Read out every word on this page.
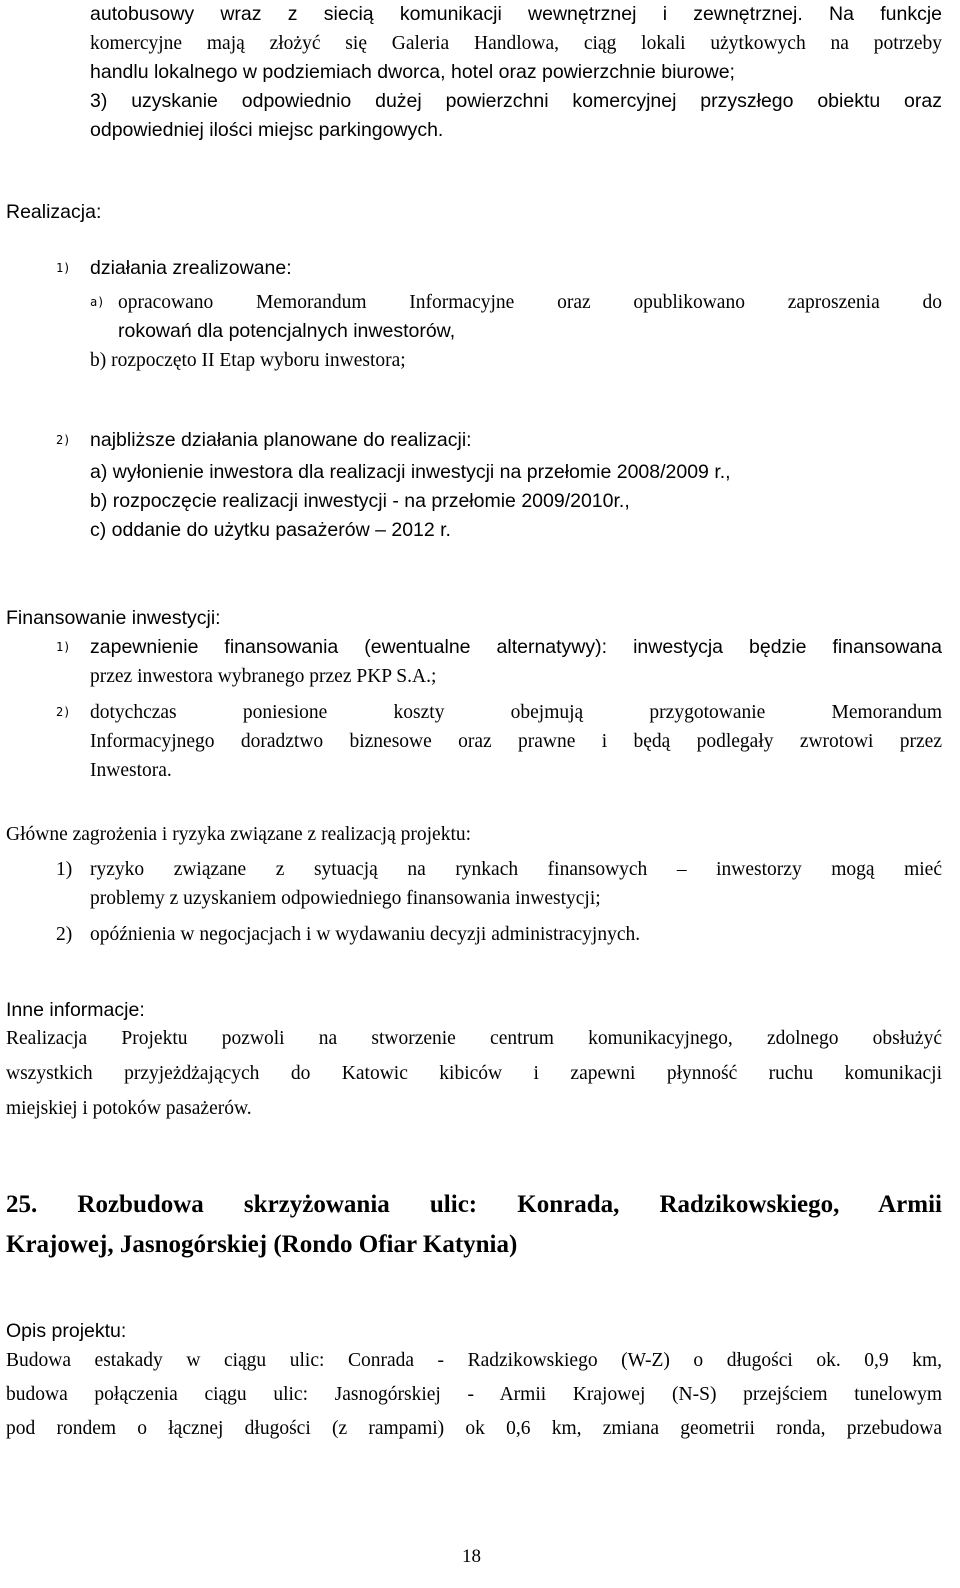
autobusowy wraz z siecią komunikacji wewnętrznej i zewnętrznej. Na funkcje
komercyjne mają złożyć się Galeria Handlowa, ciąg lokali użytkowych na potrzeby
handlu lokalnego w podziemiach dworca, hotel oraz powierzchnie biurowe;
3) uzyskanie odpowiednio dużej powierzchni komercyjnej przyszłego obiektu oraz
odpowiedniej ilości miejsc parkingowych.
Realizacja:
1)	działania zrealizowane:
a) opracowano Memorandum Informacyjne oraz opublikowano zaproszenia do
rokowań dla potencjalnych inwestorów,
b) rozpoczęto II Etap wyboru inwestora;
2)	najbliższe działania planowane do realizacji:
a) wyłonienie inwestora dla realizacji inwestycji na przełomie 2008/2009 r.,
b) rozpoczęcie realizacji inwestycji - na przełomie 2009/2010r.,
c) oddanie do użytku pasażerów – 2012 r.
Finansowanie inwestycji:
1)	zapewnienie finansowania (ewentualne alternatywy): inwestycja będzie finansowana
przez inwestora wybranego przez PKP S.A.;
2)	dotychczas poniesione koszty obejmują przygotowanie Memorandum
Informacyjnego doradztwo biznesowe oraz prawne i będą podlegały zwrotowi przez
Inwestora.
Główne zagrożenia i ryzyka związane z realizacją projektu:
1) ryzyko związane z sytuacją na rynkach finansowych – inwestorzy mogą mieć
problemy z uzyskaniem odpowiedniego finansowania inwestycji;
2) opóźnienia w negocjacjach i w wydawaniu decyzji administracyjnych.
Inne informacje:
Realizacja Projektu pozwoli na stworzenie centrum komunikacyjnego, zdolnego obsłużyć
wszystkich przyjeżdżających do Katowic kibiców i zapewni płynność ruchu komunikacji
miejskiej i potoków pasażerów.
25. Rozbudowa skrzyżowania ulic: Konrada, Radzikowskiego, Armii
Krajowej, Jasnogórskiej (Rondo Ofiar Katynia)
Opis projektu:
Budowa estakady w ciągu ulic: Conrada - Radzikowskiego (W-Z) o długości ok. 0,9 km,
budowa połączenia ciągu ulic: Jasnogórskiej - Armii Krajowej (N-S) przejściem tunelowym
pod rondem o łącznej długości (z rampami) ok 0,6 km, zmiana geometrii ronda, przebudowa
18
